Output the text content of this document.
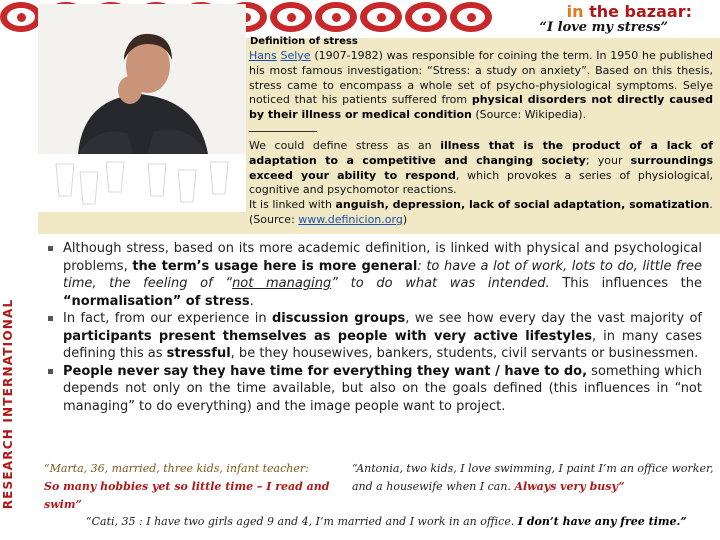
in the bazaar:
“I love my stress”
Definition of stress
Hans Selye (1907-1982) was responsible for coining the term. In 1950 he published his most famous investigation: “Stress: a study on anxiety”. Based on this thesis, stress came to encompass a whole set of psycho-physiological symptoms. Selye noticed that his patients suffered from physical disorders not directly caused by their illness or medical condition (Source: Wikipedia).
We could define stress as an illness that is the product of a lack of adaptation to a competitive and changing society; your surroundings exceed your ability to respond, which provokes a series of physiological, cognitive and psychomotor reactions.
It is linked with anguish, depression, lack of social adaptation, somatization.
(Source: www.definicion.org)
RESEARCH INTERNATIONAL

Although stress, based on its more academic definition, is linked with physical and psychological problems, the term’s usage here is more general: to have a lot of work, lots to do, little free time, the feeling of “not managing” to do what was intended. This influences the “normalisation” of stress.

In fact, from our experience in discussion groups, we see how every day the vast majority of participants present themselves as people with very active lifestyles, in many cases defining this as stressful, be they housewives, bankers, students, civil servants or businessmen.

People never say they have time for everything they want / have to do, something which depends not only on the time available, but also on the goals defined (this influences in “not managing” to do everything) and the image people want to project.

“Marta, 36, married, three kids, infant teacher:
So many hobbies yet so little time – I read and swim”
“Antonia, two kids, I love swimming, I paint I’m an office worker, and a housewife when I can. Always very busy”
“Cati, 35 : I have two girls aged 9 and 4, I’m married and I work in an office. I don’t have any free time.”
